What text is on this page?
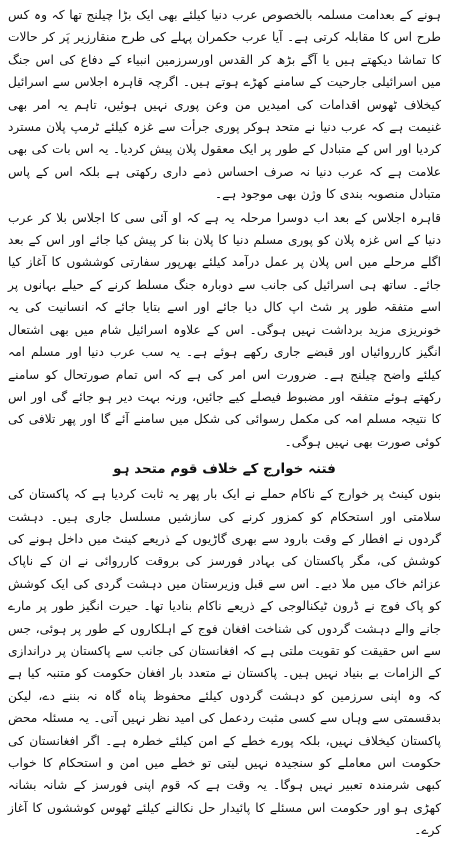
ہونے کے بعدامت مسلمہ بالخصوص عرب دنیا کیلئے بھی ایک بڑا چیلنج تھا کہ وہ کس طرح اس کا مقابلہ کرتی ہے۔ آیا عرب حکمران پہلے کی طرح منقارزیر پَر کر حالات کا تماشا دیکھتے ہیں یا آگے بڑھ کر القدس اورسرزمین انبیاء کے دفاع کی اس جنگ میں اسرائیلی جارحیت کے سامنے کھڑے ہوتے ہیں۔ اگرچہ قاہرہ اجلاس سے اسرائیل کیخلاف ٹھوس اقدامات کی امیدیں من وعن پوری نہیں ہوئیں، تاہم یہ امر بھی غنیمت ہے کہ عرب دنیا نے متحد ہوکر پوری جرأت سے غزہ کیلئے ٹرمپ پلان مسترد کردیا اور اس کے متبادل کے طور پر ایک معقول پلان پیش کردیا۔ یہ اس بات کی بھی علامت ہے کہ عرب دنیا نہ صرف احساس ذمے داری رکھتی ہے بلکہ اس کے پاس متبادل منصوبہ بندی کا وژن بھی موجود ہے۔

قاہرہ اجلاس کے بعد اب دوسرا مرحلہ یہ ہے کہ او آئی سی کا اجلاس بلا کر عرب دنیا کے اس غزہ پلان کو پوری مسلم دنیا کا پلان بنا کر پیش کیا جائے اور اس کے بعد اگلے مرحلے میں اس پلان پر عمل درآمد کیلئے بھرپور سفارتی کوششوں کا آغاز کیا جائے۔ ساتھ ہی اسرائیل کی جانب سے دوبارہ جنگ مسلط کرنے کے حیلے بہانوں پر اسے متفقہ طور پر شٹ اپ کال دیا جائے اور اسے بتایا جائے کہ انسانیت کی یہ خونریزی مزید برداشت نہیں ہوگی۔ اس کے علاوہ اسرائیل شام میں بھی اشتعال انگیز کارروائیاں اور قبضے جاری رکھے ہوئے ہے۔ یہ سب عرب دنیا اور مسلم امہ کیلئے واضح چیلنج ہے۔ ضرورت اس امر کی ہے کہ اس تمام صورتحال کو سامنے رکھتے ہوئے متفقہ اور مضبوط فیصلے کیے جائیں، ورنہ بہت دیر ہو جائے گی اور اس کا نتیجہ مسلم امہ کی مکمل رسوائی کی شکل میں سامنے آئے گا اور پھر تلافی کی کوئی صورت بھی نہیں ہوگی۔

فتنہ خوارج کے خلاف قوم متحد ہو

بنوں کینٹ پر خوارج کے ناکام حملے نے ایک بار پھر یہ ثابت کردیا ہے کہ پاکستان کی سلامتی اور استحکام کو کمزور کرنے کی سازشیں مسلسل جاری ہیں۔ دہشت گردوں نے افطار کے وقت بارود سے بھری گاڑیوں کے ذریعے کینٹ میں داخل ہونے کی کوشش کی، مگر پاکستان کی بہادر فورسز کی بروقت کارروائی نے ان کے ناپاک عزائم خاک میں ملا دیے۔ اس سے قبل وزیرستان میں دہشت گردی کی ایک کوشش کو پاک فوج نے ڈرون ٹیکنالوجی کے ذریعے ناکام بنادیا تھا۔ حیرت انگیز طور پر مارے جانے والے دہشت گردوں کی شناخت افغان فوج کے اہلکاروں کے طور پر ہوئی، جس سے اس حقیقت کو تقویت ملتی ہے کہ افغانستان کی جانب سے پاکستان پر دراندازی کے الزامات بے بنیاد نہیں ہیں۔ پاکستان نے متعدد بار افغان حکومت کو متنبہ کیا ہے کہ وہ اپنی سرزمین کو دہشت گردوں کیلئے محفوظ پناہ گاہ نہ بننے دے، لیکن بدقسمتی سے وہاں سے کسی مثبت ردعمل کی امید نظر نہیں آتی۔ یہ مسئلہ محض پاکستان کیخلاف نہیں، بلکہ پورے خطے کے امن کیلئے خطرہ ہے۔ اگر افغانستان کی حکومت اس معاملے کو سنجیدہ نہیں لیتی تو خطے میں امن و استحکام کا خواب کبھی شرمندہ تعبیر نہیں ہوگا۔ یہ وقت ہے کہ قوم اپنی فورسز کے شانہ بشانہ کھڑی ہو اور حکومت اس مسئلے کا پائیدار حل نکالنے کیلئے ٹھوس کوششوں کا آغاز کرے۔
